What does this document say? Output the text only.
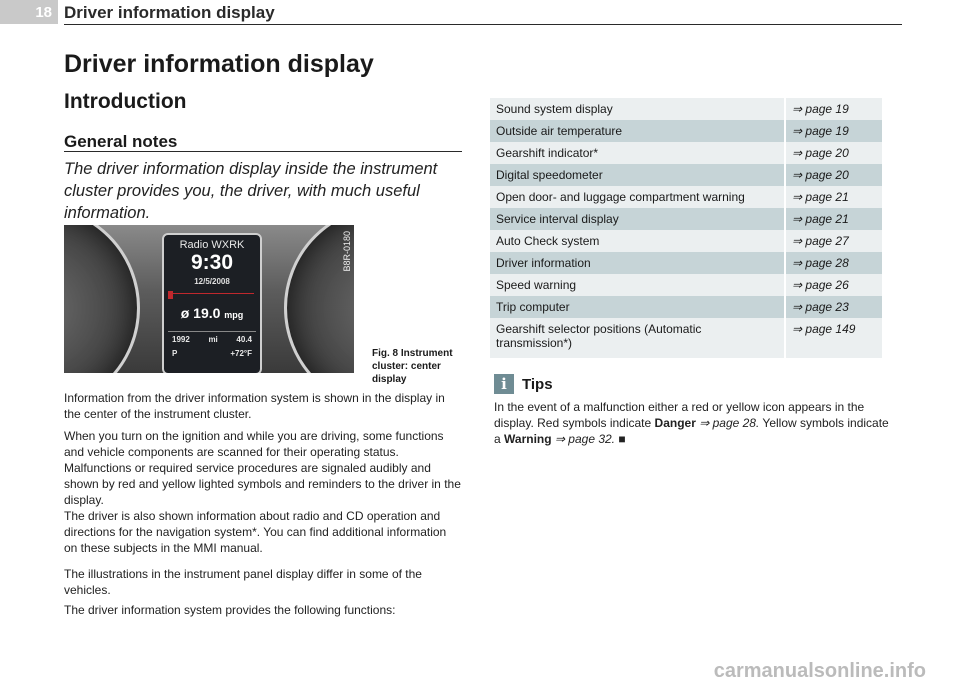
18 Driver information display
Driver information display
Introduction
General notes
The driver information display inside the instrument cluster provides you, the driver, with much useful information.
Radio WXRK
9:30
12/5/2008
ø 19.0 mpg
1992 mi 40.4
P	+72°F
B8R-0180
Fig. 8 Instrument cluster: center display
Information from the driver information system is shown in the display in the center of the instrument cluster.
When you turn on the ignition and while you are driving, some functions and vehicle components are scanned for their operating status. Malfunctions or required service procedures are signaled audibly and shown by red and yellow lighted symbols and reminders to the driver in the display.
The driver is also shown information about radio and CD operation and directions for the navigation system*. You can find additional information on these subjects in the MMI manual.
The illustrations in the instrument panel display differ in some of the vehicles.
The driver information system provides the following functions:
Sound system display	⇒ page 19
Outside air temperature	⇒ page 19
Gearshift indicator*	⇒ page 20
Digital speedometer	⇒ page 20
Open door- and luggage compartment warning	⇒ page 21
Service interval display	⇒ page 21
Auto Check system	⇒ page 27
Driver information	⇒ page 28
Speed warning	⇒ page 26
Trip computer	⇒ page 23
Gearshift selector positions (Automatic transmission*)	⇒ page 149
i	Tips
In the event of a malfunction either a red or yellow icon appears in the display. Red symbols indicate Danger ⇒ page 28. Yellow symbols indicate a Warning ⇒ page 32. ■
carmanualsonline.info
